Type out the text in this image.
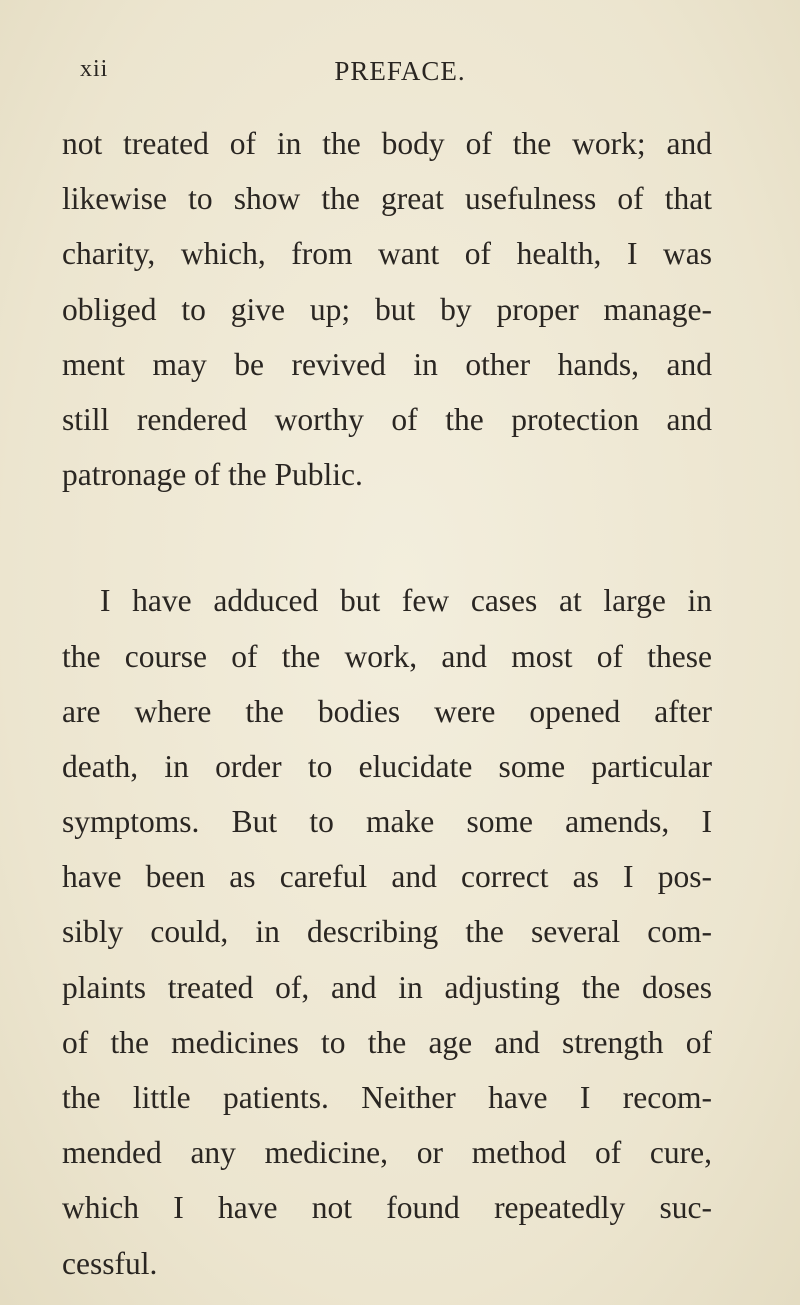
xii	PREFACE.
not treated of in the body of the work; and
likewise to show the great usefulness of that
charity, which, from want of health, I was
obliged to give up; but by proper manage-
ment may be revived in other hands, and
still rendered worthy of the protection and
patronage of the Public.
I have adduced but few cases at large in
the course of the work, and most of these
are where the bodies were opened after
death, in order to elucidate some particular
symptoms. But to make some amends, I
have been as careful and correct as I pos-
sibly could, in describing the several com-
plaints treated of, and in adjusting the doses
of the medicines to the age and strength of
the little patients. Neither have I recom-
mended any medicine, or method of cure,
which I have not found repeatedly suc-
cessful.
